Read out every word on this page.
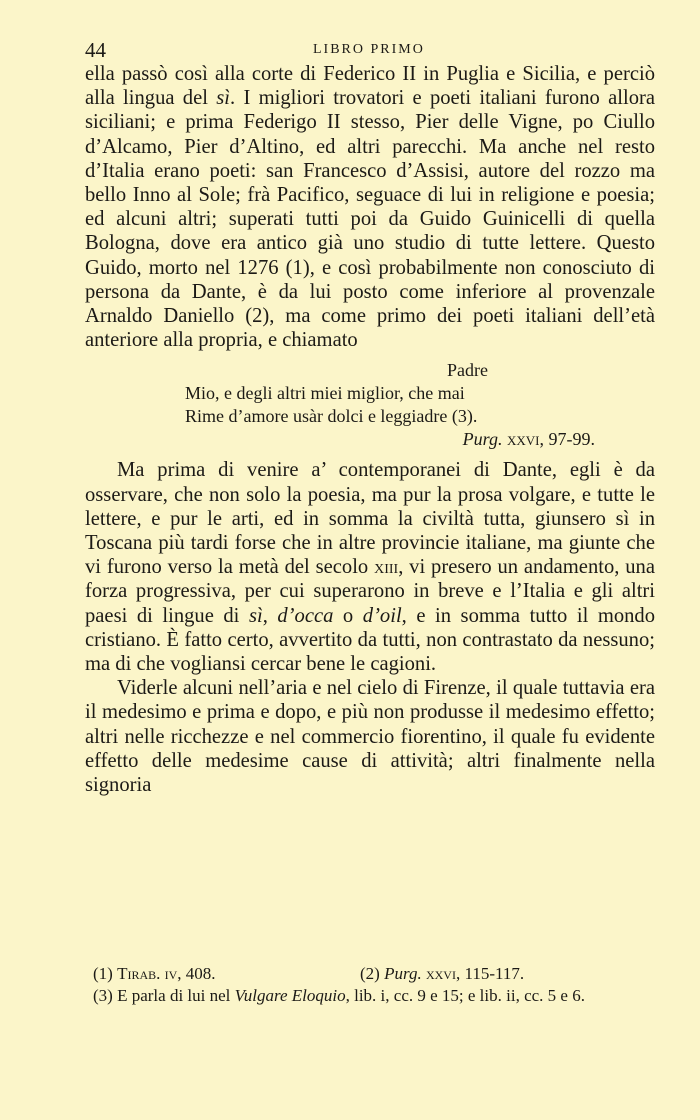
44	LIBRO PRIMO

ella passò così alla corte di Federico II in Puglia e Sicilia, e perciò alla lingua del sì. I migliori trovatori e poeti italiani furono allora siciliani; e prima Federigo II stesso, Pier delle Vigne, po Ciullo d’Alcamo, Pier d’Altino, ed altri parecchi. Ma anche nel resto d’Italia erano poeti: san Francesco d’Assisi, autore del rozzo ma bello Inno al Sole; frà Pacifico, seguace di lui in religione e poesia; ed alcuni altri; superati tutti poi da Guido Guinicelli di quella Bologna, dove era antico già uno studio di tutte lettere. Questo Guido, morto nel 1276 (1), e così probabilmente non conosciuto di persona da Dante, è da lui posto come inferiore al provenzale Arnaldo Daniello (2), ma come primo dei poeti italiani dell’età anteriore alla propria, e chiamato

Padre
Mio, e degli altri miei miglior, che mai
Rime d’amore usàr dolci e leggiadre (3).
Purg. xxvi, 97-99.

Ma prima di venire a’ contemporanei di Dante, egli è da osservare, che non solo la poesia, ma pur la prosa volgare, e tutte le lettere, e pur le arti, ed in somma la civiltà tutta, giunsero sì in Toscana più tardi forse che in altre provincie italiane, ma giunte che vi furono verso la metà del secolo xiii, vi presero un andamento, una forza progressiva, per cui superarono in breve e l’Italia e gli altri paesi di lingue di sì, d’occa o d’oil, e in somma tutto il mondo cristiano. È fatto certo, avvertito da tutti, non contrastato da nessuno; ma di che vogliansi cercar bene le cagioni.

Viderle alcuni nell’aria e nel cielo di Firenze, il quale tuttavia era il medesimo e prima e dopo, e più non produsse il medesimo effetto; altri nelle ricchezze e nel commercio fiorentino, il quale fu evidente effetto delle medesime cause di attività; altri finalmente nella signoria

(1) Tirab. iv, 408.	(2) Purg. xxvi, 115-117.

(3) E parla di lui nel Vulgare Eloquio, lib. i, cc. 9 e 15; e lib. ii, cc. 5 e 6.
